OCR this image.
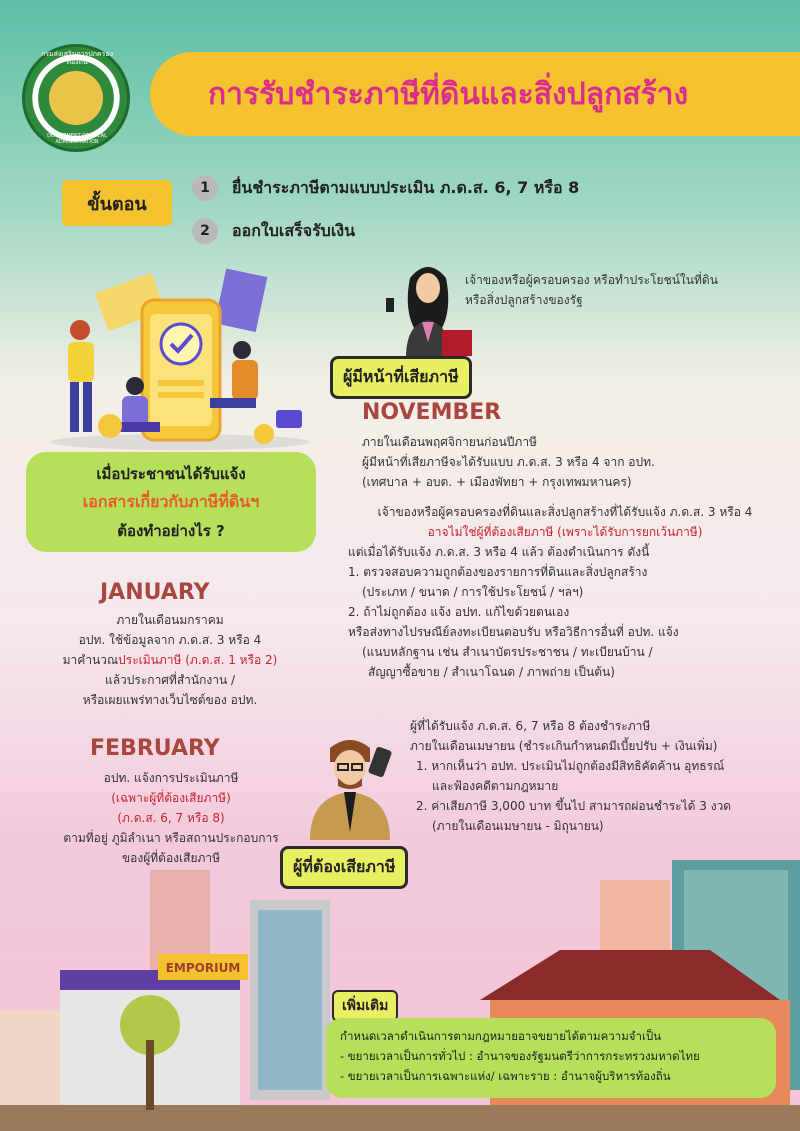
กรมส่งเสริมการปกครองท้องถิ่น
DEPARTMENT OF LOCAL ADMINISTRATION
การรับชำระภาษีที่ดินและสิ่งปลูกสร้าง
ขั้นตอน
1	ยื่นชำระภาษีตามแบบประเมิน ภ.ด.ส. 6, 7 หรือ 8
2	ออกใบเสร็จรับเงิน
เจ้าของหรือผู้ครอบครอง หรือทำประโยชน์ในที่ดิน
หรือสิ่งปลูกสร้างของรัฐ
ผู้มีหน้าที่เสียภาษี
เมื่อประชาชนได้รับแจ้ง
เอกสารเกี่ยวกับภาษีที่ดินฯ
ต้องทำอย่างไร ?
NOVEMBER
ภายในเดือนพฤศจิกายนก่อนปีภาษี
ผู้มีหน้าที่เสียภาษีจะได้รับแบบ ภ.ด.ส. 3 หรือ 4 จาก อปท.
(เทศบาล + อบต. + เมืองพัทยา + กรุงเทพมหานคร)
เจ้าของหรือผู้ครอบครองที่ดินและสิ่งปลูกสร้างที่ได้รับแจ้ง ภ.ด.ส. 3 หรือ 4
อาจไม่ใช่ผู้ที่ต้องเสียภาษี (เพราะได้รับการยกเว้นภาษี)
แต่เมื่อได้รับแจ้ง ภ.ด.ส. 3 หรือ 4 แล้ว ต้องดำเนินการ ดังนี้
1. ตรวจสอบความถูกต้องของรายการที่ดินและสิ่งปลูกสร้าง
(ประเภท / ขนาด / การใช้ประโยชน์ / ฯลฯ)
2. ถ้าไม่ถูกต้อง แจ้ง อปท. แก้ไขด้วยตนเอง
หรือส่งทางไปรษณีย์ลงทะเบียนตอบรับ หรือวิธีการอื่นที่ อปท. แจ้ง
(แนบหลักฐาน เช่น สำเนาบัตรประชาชน / ทะเบียนบ้าน /
สัญญาซื้อขาย / สำเนาโฉนด / ภาพถ่าย เป็นต้น)
JANUARY
ภายในเดือนมกราคม
อปท. ใช้ข้อมูลจาก ภ.ด.ส. 3 หรือ 4
มาคำนวณประเมินภาษี (ภ.ด.ส. 1 หรือ 2)
แล้วประกาศที่สำนักงาน /
หรือเผยแพร่ทางเว็บไซต์ของ อปท.
FEBRUARY
อปท. แจ้งการประเมินภาษี
(เฉพาะผู้ที่ต้องเสียภาษี)
(ภ.ด.ส. 6, 7 หรือ 8)
ตามที่อยู่ ภูมิลำเนา หรือสถานประกอบการ
ของผู้ที่ต้องเสียภาษี	ผู้ที่ต้องเสียภาษี
ผู้ที่ได้รับแจ้ง ภ.ด.ส. 6, 7 หรือ 8 ต้องชำระภาษี
ภายในเดือนเมษายน (ชำระเกินกำหนดมีเบี้ยปรับ + เงินเพิ่ม)
1. หากเห็นว่า อปท. ประเมินไม่ถูกต้องมีสิทธิคัดค้าน อุทธรณ์
และฟ้องคดีตามกฎหมาย
2. ค่าเสียภาษี 3,000 บาท ขึ้นไป สามารถผ่อนชำระได้ 3 งวด
(ภายในเดือนเมษายน - มิถุนายน)
EMPORIUM
เพิ่มเติม
กำหนดเวลาดำเนินการตามกฎหมายอาจขยายได้ตามความจำเป็น
- ขยายเวลาเป็นการทั่วไป : อำนาจของรัฐมนตรีว่าการกระทรวงมหาดไทย
- ขยายเวลาเป็นการเฉพาะแห่ง/ เฉพาะราย : อำนาจผู้บริหารท้องถิ่น
